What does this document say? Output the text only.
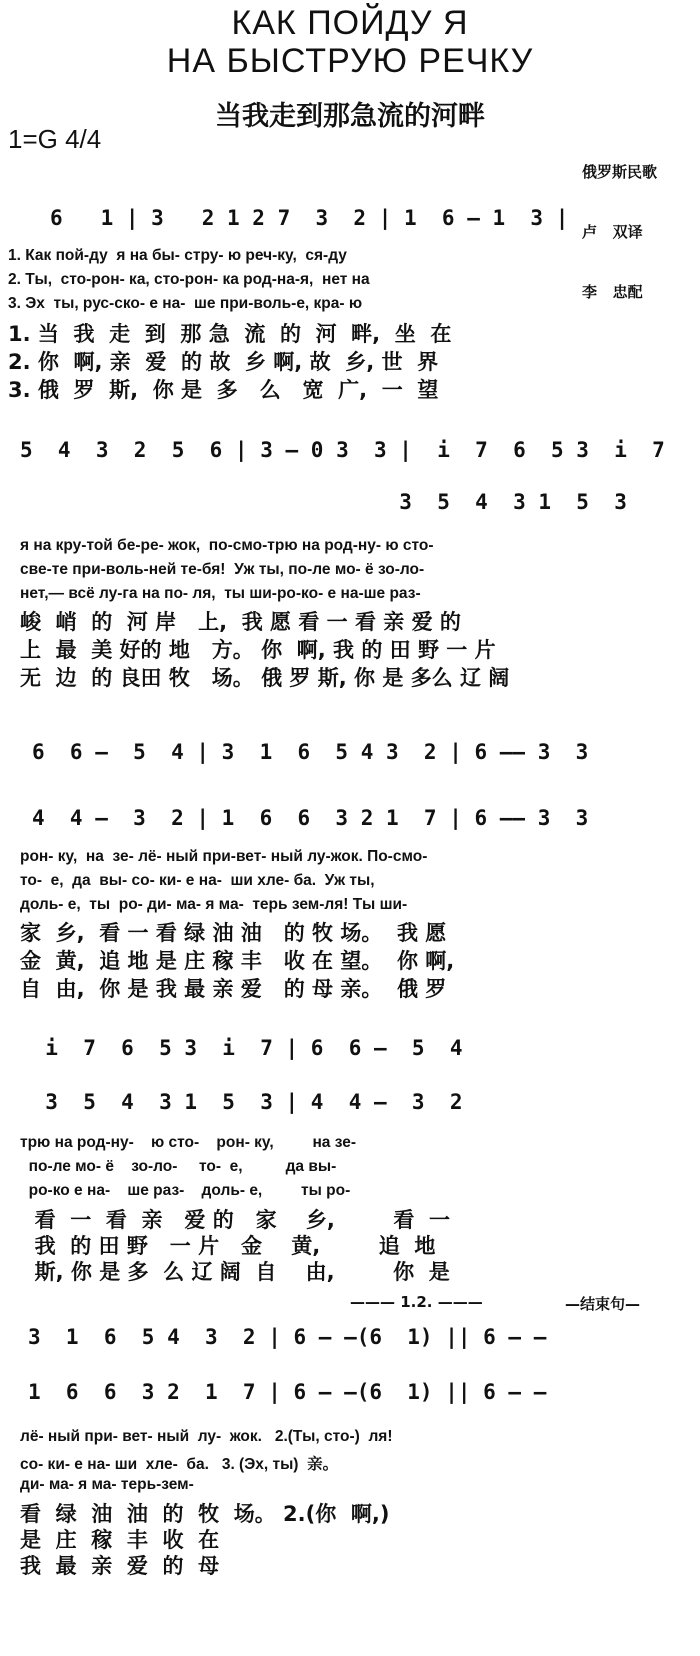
КАК ПОЙДУ Я
НА БЫСТРУЮ РЕЧКУ
当我走到那急流的河畔
1=G 4/4

俄罗斯民歌

卢   双译

李   忠配

6   1 | 3   2 1 2 7  3  2 | 1  6 — 1  3 |
1. Как пой-ду  я на бы- стру- ю реч-ку,  ся-ду
2. Ты,  сто-рон- ка, сто-рон- ка род-на-я,  нет на
3. Эх  ты, рус-ско- е на-  ше при-воль-е, кра- ю
1. 当  我  走  到  那 急  流  的  河  畔,  坐  在
2. 你  啊, 亲  爱  的 故  乡 啊, 故  乡, 世  界
3. 俄  罗  斯,  你 是  多   么   宽  广,  一  望
5  4  3  2  5  6 | 3 — 0 3  3 |  i  7  6  5 3  i  7
3  5  4  3 1  5  3
я на кру-той бе-ре- жок,  по-смо-трю на род-ну- ю сто-
све-те при-воль-ней те-бя!  Уж ты, по-ле мо- ё зо-ло-
нет,— всё лу-га на по- ля,  ты ши-ро-ко- е на-ше раз-
峻  峭  的  河 岸   上,  我 愿 看 一 看 亲 爱 的
上  最  美 好的 地   方。 你  啊, 我 的 田 野 一 片
无  边  的 良田 牧   场。 俄 罗 斯, 你 是 多么 辽 阔
6  6 —  5  4 | 3  1  6  5 4 3  2 | 6 —— 3  3
4  4 —  3  2 | 1  6  6  3 2 1  7 | 6 —— 3  3
рон- ку,  на  зе- лё- ный при-вет- ный лу-жок. По-смо-
то-  е,  да  вы- со- ки- е на-  ши хле- ба.  Уж ты,
доль- е,  ты  ро- ди- ма- я ма-  терь зем-ля! Ты ши-
家  乡,  看 一 看 绿 油 油   的 牧 场。  我 愿
金  黄,  追 地 是 庄 稼 丰   收 在 望。  你 啊,
自  由,  你 是 我 最 亲 爱   的 母 亲。  俄 罗
i  7  6  5 3  i  7 | 6  6 —  5  4
3  5  4  3 1  5  3 | 4  4 —  3  2
трю на род-ну-    ю сто-    рон- ку,         на зе-
по-ле мо- ё    зо-ло-     то-  е,          да вы-
ро-ко е на-    ше раз-    доль- е,         ты ро-
看  一  看  亲   爱 的   家    乡,        看  一
我  的 田 野   一 片   金    黄,        追  地
斯, 你 是 多  么 辽 阔  自    由,        你  是
——— 1.2. ———	—结束句—
3  1  6  5 4  3  2 | 6 — —(6  1) || 6 — —
1  6  6  3 2  1  7 | 6 — —(6  1) || 6 — —
лё- ный при- вет- ный  лу-  жок.   2.(Ты, сто-)  ля!
со- ки- е на- ши  хле-  ба.   3. (Эх, ты)  亲。
ди- ма- я ма- терь-зем-
看  绿  油  油  的  牧  场。 2.(你  啊,)
是  庄  稼  丰  收  在
我  最  亲  爱  的  母
